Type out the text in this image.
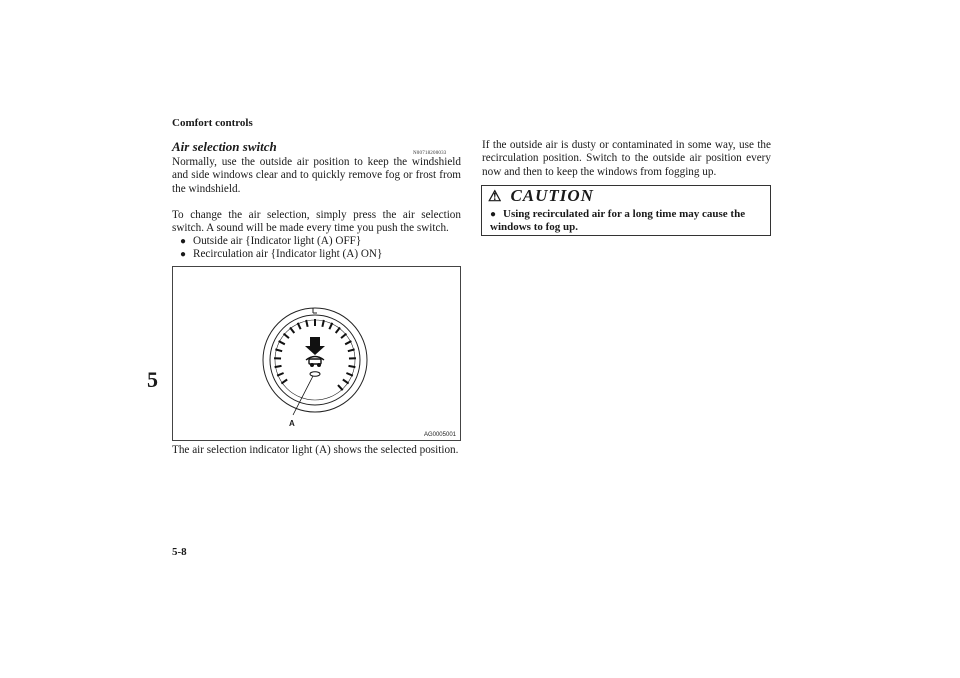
Comfort controls
5
Air selection switch	N00718200033
Normally, use the outside air position to keep the windshield and side windows clear and to quickly remove fog or frost from the windshield.
To change the air selection, simply press the air selection switch. A sound will be made every time you push the switch.
● Outside air {Indicator light (A) OFF}
● Recirculation air {Indicator light (A) ON}
A
AG0005001
The air selection indicator light (A) shows the selected position.
If the outside air is dusty or contaminated in some way, use the recirculation position. Switch to the outside air position every now and then to keep the windows from fogging up.
⚠ CAUTION
● Using recirculated air for a long time may cause the windows to fog up.
5-8
